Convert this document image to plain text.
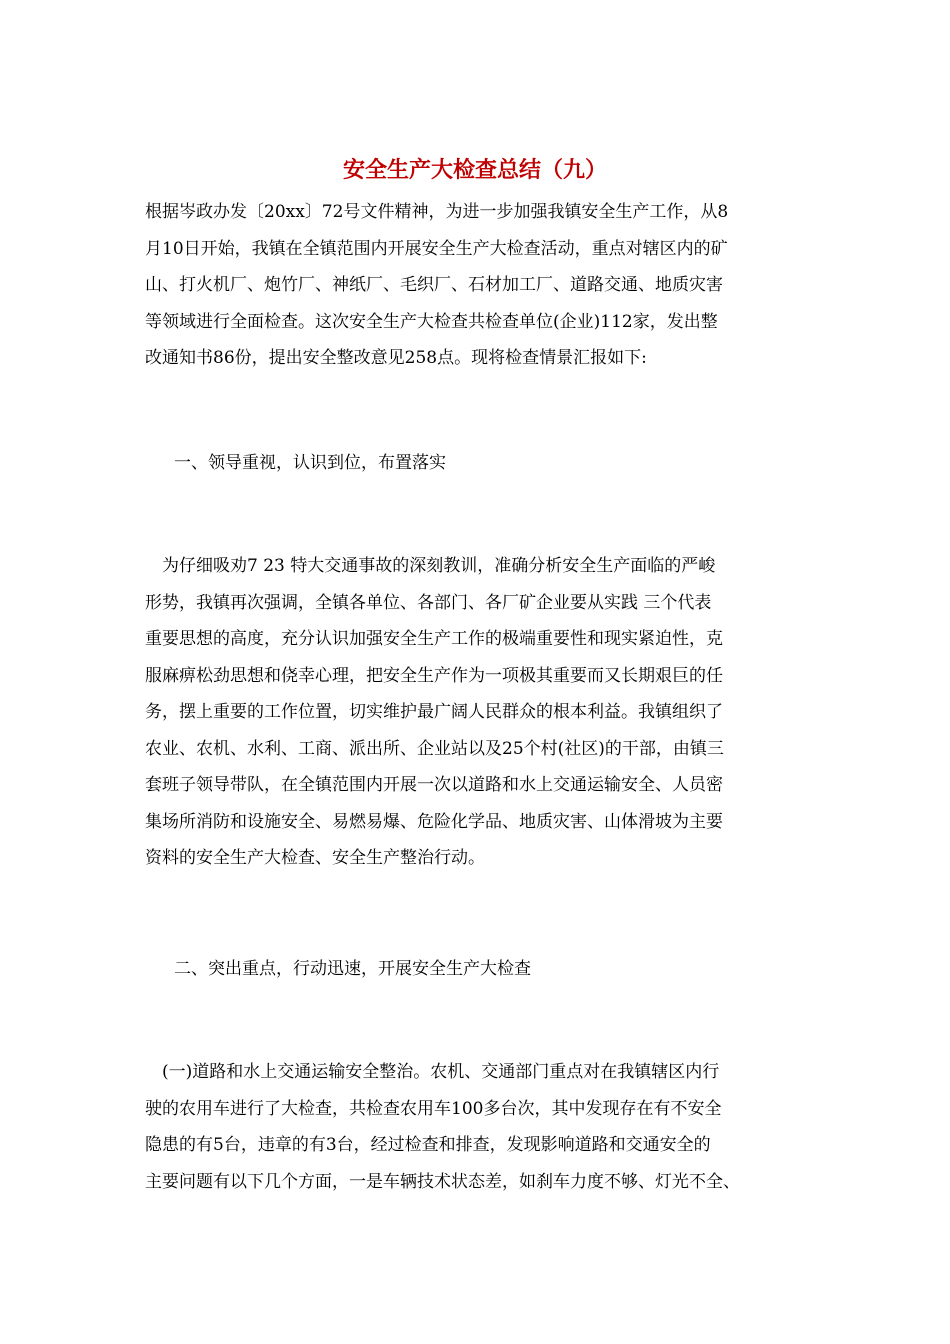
安全生产大检查总结（九）
根据岑政办发〔20xx〕72号文件精神，为进一步加强我镇安全生产工作，从8
月10日开始，我镇在全镇范围内开展安全生产大检查活动，重点对辖区内的矿
山、打火机厂、炮竹厂、神纸厂、毛织厂、石材加工厂、道路交通、地质灾害
等领域进行全面检查。这次安全生产大检查共检查单位(企业)112家，发出整
改通知书86份，提出安全整改意见258点。现将检查情景汇报如下:
一、领导重视，认识到位，布置落实
　为仔细吸劝7 23 特大交通事故的深刻教训，准确分析安全生产面临的严峻
形势，我镇再次强调，全镇各单位、各部门、各厂矿企业要从实践 三个代表
重要思想的高度，充分认识加强安全生产工作的极端重要性和现实紧迫性，克
服麻痹松劲思想和侥幸心理，把安全生产作为一项极其重要而又长期艰巨的任
务，摆上重要的工作位置，切实维护最广阔人民群众的根本利益。我镇组织了
农业、农机、水利、工商、派出所、企业站以及25个村(社区)的干部，由镇三
套班子领导带队，在全镇范围内开展一次以道路和水上交通运输安全、人员密
集场所消防和设施安全、易燃易爆、危险化学品、地质灾害、山体滑坡为主要
资料的安全生产大检查、安全生产整治行动。
二、突出重点，行动迅速，开展安全生产大检查
　(一)道路和水上交通运输安全整治。农机、交通部门重点对在我镇辖区内行
驶的农用车进行了大检查，共检查农用车100多台次，其中发现存在有不安全
隐患的有5台，违章的有3台，经过检查和排查，发现影响道路和交通安全的
主要问题有以下几个方面，一是车辆技术状态差，如刹车力度不够、灯光不全、
